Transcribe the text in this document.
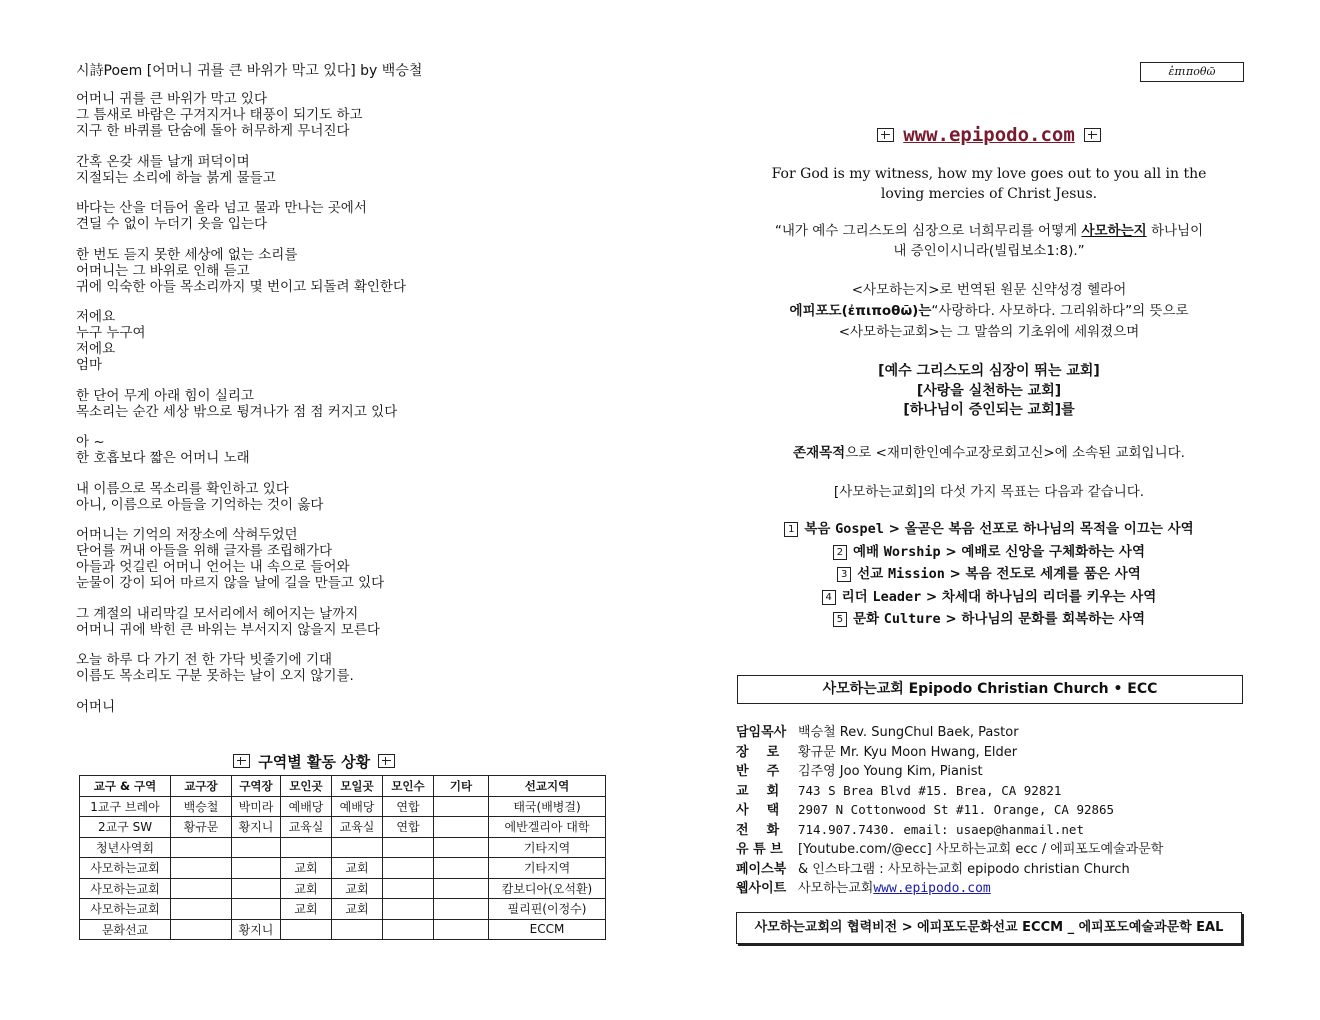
시詩Poem [어머니 귀를 큰 바위가 막고 있다] by 백승철
어머니 귀를 큰 바위가 막고 있다
그 틈새로 바람은 구겨지거나 태풍이 되기도 하고
지구 한 바퀴를 단숨에 돌아 허무하게 무너진다
간혹 온갖 새들 날개 퍼덕이며
지절되는 소리에 하늘 붉게 물들고
바다는 산을 더듬어 올라 넘고 물과 만나는 곳에서
견딜 수 없이 누더기 옷을 입는다
한 번도 듣지 못한 세상에 없는 소리를
어머니는 그 바위로 인해 듣고
귀에 익숙한 아들 목소리까지 몇 번이고 되돌려 확인한다
저에요
누구 누구여
저에요
엄마
한 단어 무게 아래 힘이 실리고
목소리는 순간 세상 밖으로 튕겨나가 점 점 커지고 있다
아 ~
한 호흡보다 짧은 어머니 노래
내 이름으로 목소리를 확인하고 있다
아니, 이름으로 아들을 기억하는 것이 옳다
어머니는 기억의 저장소에 삭혀두었던
단어를 꺼내 아들을 위해 글자를 조립해가다
아들과 엇길린 어머니 언어는 내 속으로 들어와
눈물이 강이 되어 마르지 않을 날에 길을 만들고 있다
그 계절의 내리막길 모서리에서 헤어지는 날까지
어머니 귀에 박힌 큰 바위는 부서지지 않을지 모른다
오늘 하루 다 가기 전 한 가닥 빗줄기에 기대
이름도 목소리도 구분 못하는 날이 오지 않기를.
어머니
구역별 활동 상황
교구 & 구역	교구장	구역장	모인곳	모일곳	모인수	기타	선교지역
1교구 브레아	백승철	박미라	예배당	예배당	연합		태국(배병걸)
2교구 SW	황규문	황지니	교육실	교육실	연합		에반겔리아 대학
청년사역회							기타지역
사모하는교회			교회	교회			기타지역
사모하는교회			교회	교회			캄보디아(오석환)
사모하는교회			교회	교회			필리핀(이정수)
문화선교		황지니					ECCM
ἐπιποθῶ
www.epipodo.com
For God is my witness, how my love goes out to you all in the
loving mercies of Christ Jesus.
“내가 예수 그리스도의 심장으로 너희무리를 어떻게 사모하는지 하나님이
내 증인이시니라(빌립보소1:8).”
<사모하는지>로 번역된 원문 신약성경 헬라어
에피포도(ἐπιποθῶ)는“사랑하다. 사모하다. 그리워하다”의 뜻으로
<사모하는교회>는 그 말씀의 기초위에 세워졌으며
[예수 그리스도의 심장이 뛰는 교회]
[사랑을 실천하는 교회]
[하나님이 증인되는 교회]를
존재목적으로 <재미한인예수교장로회고신>에 소속된 교회입니다.
[사모하는교회]의 다섯 가지 목표는 다음과 같습니다.
1 복음 Gospel > 올곧은 복음 선포로 하나님의 목적을 이끄는 사역
2 예배 Worship > 예배로 신앙을 구체화하는 사역
3 선교 Mission > 복음 전도로 세계를 품은 사역
4 리더 Leader > 차세대 하나님의 리더를 키우는 사역
5 문화 Culture > 하나님의 문화를 회복하는 사역
사모하는교회 Epipodo Christian Church • ECC
담임목사 백승철 Rev. SungChul Baek, Pastor
장    로 황규문 Mr. Kyu Moon Hwang, Elder
반    주 김주영 Joo Young Kim, Pianist
교    회 743 S Brea Blvd #15. Brea, CA 92821
사    택 2907 N Cottonwood St #11. Orange, CA 92865
전    화 714.907.7430. email: usaep@hanmail.net
유 튜 브 [Youtube.com/@ecc] 사모하는교회 ecc / 에피포도예술과문학
페이스북 & 인스타그램 : 사모하는교회 epipodo christian Church
웹사이트 사모하는교회www.epipodo.com
사모하는교회의 협력비전 > 에피포도문화선교 ECCM _ 에피포도예술과문학 EAL
